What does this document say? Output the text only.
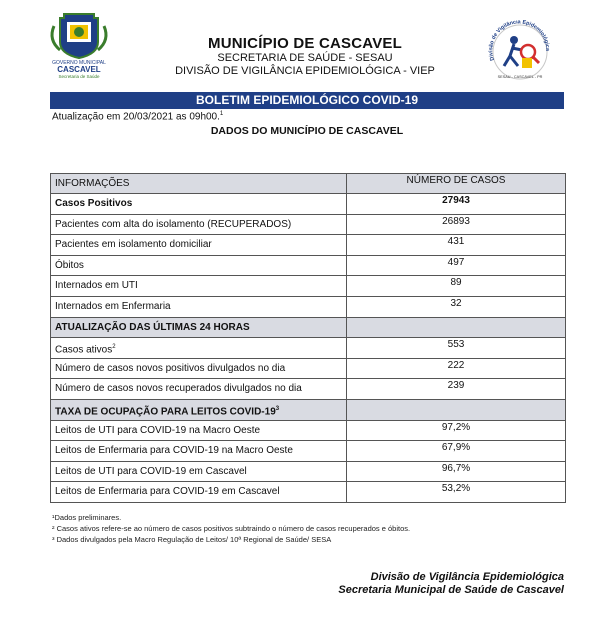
GOVERNO MUNICIPAL
CASCAVEL
Secretaria de Saúde
Divisão de Vigilância Epidemiológica
SESAU - CASCAVEL - PR
MUNICÍPIO DE CASCAVEL
SECRETARIA DE SAÚDE - SESAU
DIVISÃO DE VIGILÂNCIA EPIDEMIOLÓGICA - VIEP
BOLETIM EPIDEMIOLÓGICO COVID-19
Atualização em 20/03/2021 as 09h00.$^1$
DADOS DO MUNICÍPIO DE CASCAVEL
INFORMAÇÕES	NÚMERO DE CASOS
Casos Positivos	27943
Pacientes com alta do isolamento (RECUPERADOS)	26893
Pacientes em isolamento domiciliar	431
Óbitos	497
Internados em UTI	89
Internados em Enfermaria	32
ATUALIZAÇÃO DAS ÚLTIMAS 24 HORAS
Casos ativos$^2$	553
Número de casos novos positivos divulgados no dia	222
Número de casos novos recuperados divulgados no dia	239
TAXA DE OCUPAÇÃO PARA LEITOS COVID-$19^3$
Leitos de UTI para COVID-19 na Macro Oeste	97,2%
Leitos de Enfermaria para COVID-19 na Macro Oeste	67,9%
Leitos de UTI para COVID-19 em Cascavel	96,7%
Leitos de Enfermaria para COVID-19 em Cascavel	53,2%
¹Dados preliminares.
² Casos ativos refere-se ao número de casos positivos subtraindo o número de casos recuperados e óbitos.
³ Dados divulgados pela Macro Regulação de Leitos/ 10ª Regional de Saúde/ SESA
Divisão de Vigilância Epidemiológica
Secretaria Municipal de Saúde de Cascavel
